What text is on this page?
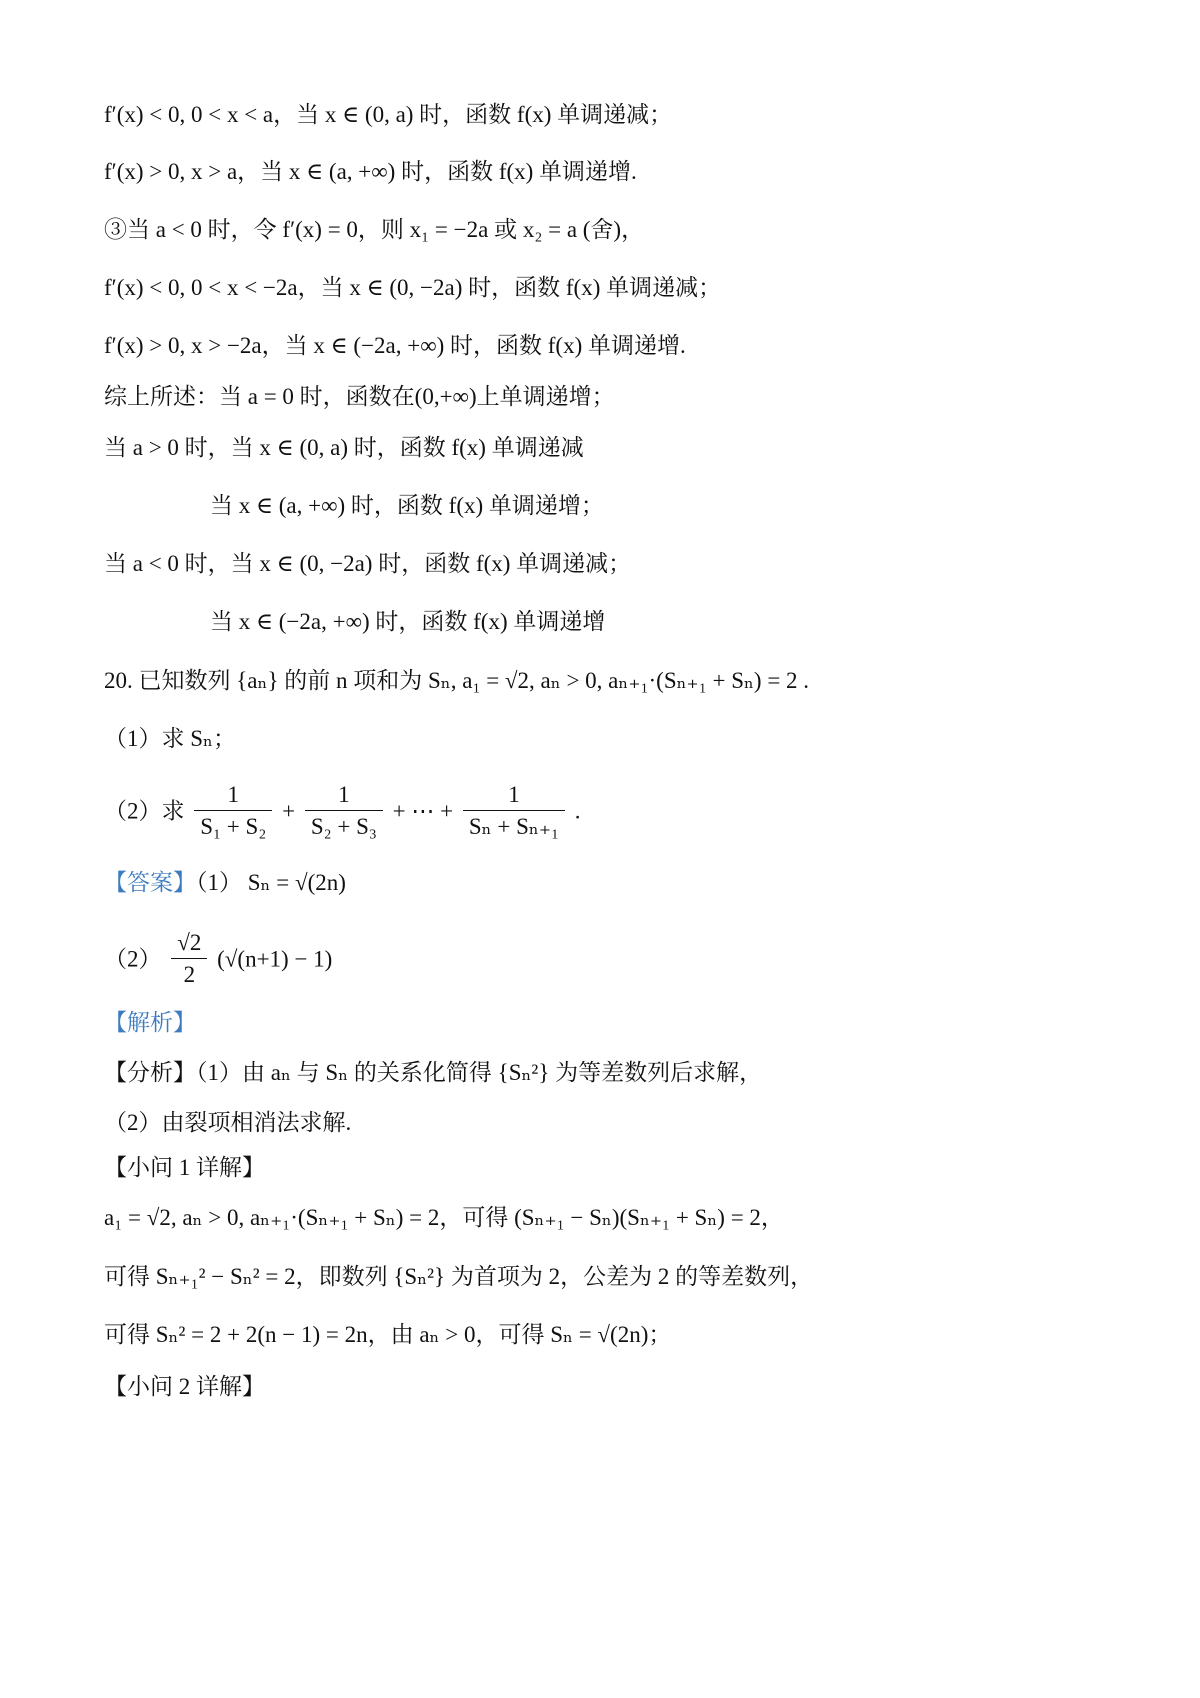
f′(x) < 0, 0 < x < a，当 x ∈ (0, a) 时，函数 f(x) 单调递减；
f′(x) > 0, x > a，当 x ∈ (a, +∞) 时，函数 f(x) 单调递增.
③当 a < 0 时，令 f′(x) = 0，则 x₁ = −2a 或 x₂ = a (舍)，
f′(x) < 0, 0 < x < −2a，当 x ∈ (0, −2a) 时，函数 f(x) 单调递减；
f′(x) > 0, x > −2a，当 x ∈ (−2a, +∞) 时，函数 f(x) 单调递增.
综上所述：当 a = 0 时，函数在(0,+∞)上单调递增；
当 a > 0 时，当 x ∈ (0, a) 时，函数 f(x) 单调递减
当 x ∈ (a, +∞) 时，函数 f(x) 单调递增；
当 a < 0 时，当 x ∈ (0, −2a) 时，函数 f(x) 单调递减；
当 x ∈ (−2a, +∞) 时，函数 f(x) 单调递增
20. 已知数列 {aₙ} 的前 n 项和为 Sₙ, a₁ = √2, aₙ > 0, aₙ₊₁·(Sₙ₊₁ + Sₙ) = 2 .
（1）求 Sₙ；
（2）求 $\frac{1}{\text{S₁ + S₂}} + \frac{1}{\text{S₂ + S₃}}$ + ⋯ + $\frac{1}{\text{Sₙ + Sₙ₊₁}}$ .
【答案】（1） Sₙ = √(2n)
$(2) \frac{√2}{2} (√(n+1) - 1)$
【解析】
【分析】（1）由 aₙ 与 Sₙ 的关系化简得 {Sₙ²} 为等差数列后求解，
（2）由裂项相消法求解.
【小问 1 详解】
a₁ = √2, aₙ > 0, aₙ₊₁·(Sₙ₊₁ + Sₙ) = 2，可得 (Sₙ₊₁ − Sₙ)(Sₙ₊₁ + Sₙ) = 2，
可得 Sₙ₊₁² − Sₙ² = 2，即数列 {Sₙ²} 为首项为 2，公差为 2 的等差数列，
可得 Sₙ² = 2 + 2(n − 1) = 2n，由 aₙ > 0，可得 Sₙ = √(2n)；
【小问 2 详解】
